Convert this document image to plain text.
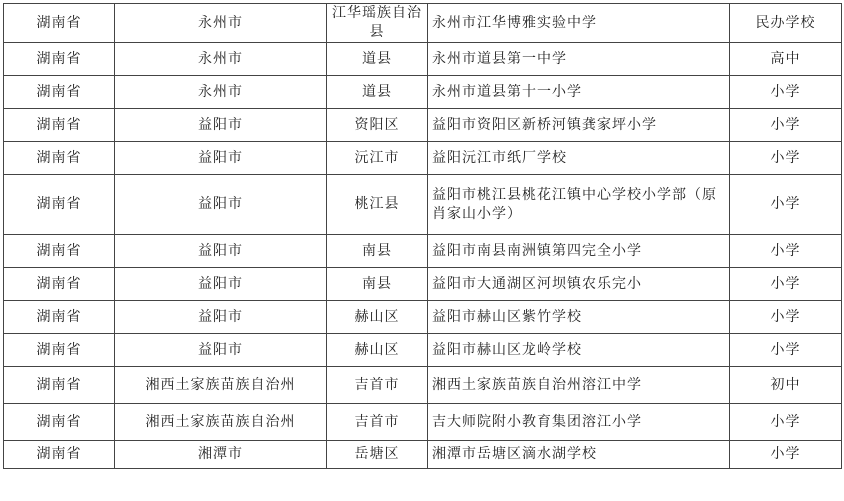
湖南省	永州市	江华瑶族自治县	永州市江华博雅实验中学	民办学校
湖南省	永州市	道县	永州市道县第一中学	高中
湖南省	永州市	道县	永州市道县第十一小学	小学
湖南省	益阳市	资阳区	益阳市资阳区新桥河镇龚家坪小学	小学
湖南省	益阳市	沅江市	益阳沅江市纸厂学校	小学
湖南省	益阳市	桃江县	益阳市桃江县桃花江镇中心学校小学部（原肖家山小学）	小学
湖南省	益阳市	南县	益阳市南县南洲镇第四完全小学	小学
湖南省	益阳市	南县	益阳市大通湖区河坝镇农乐完小	小学
湖南省	益阳市	赫山区	益阳市赫山区紫竹学校	小学
湖南省	益阳市	赫山区	益阳市赫山区龙岭学校	小学
湖南省	湘西土家族苗族自治州	吉首市	湘西土家族苗族自治州溶江中学	初中
湖南省	湘西土家族苗族自治州	吉首市	吉大师院附小教育集团溶江小学	小学
湖南省	湘潭市	岳塘区	湘潭市岳塘区滴水湖学校	小学
